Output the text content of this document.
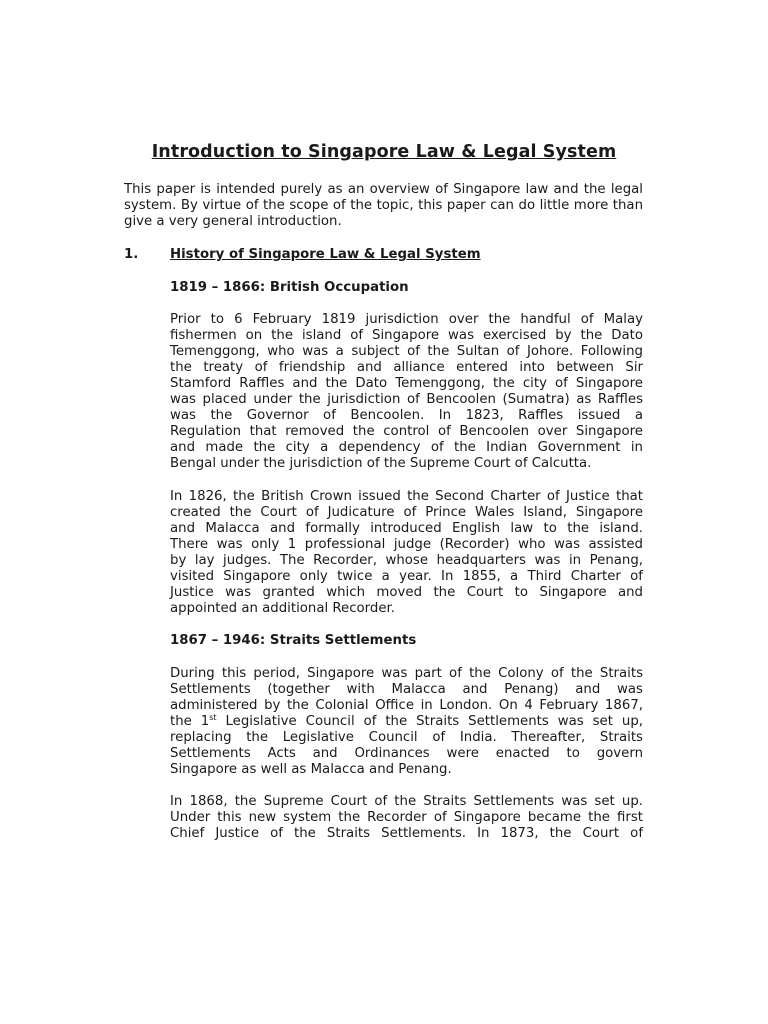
Introduction to Singapore Law & Legal System

This paper is intended purely as an overview of Singapore law and the legal system. By virtue of the scope of the topic, this paper can do little more than give a very general introduction.

1. History of Singapore Law & Legal System

1819 – 1866: British Occupation

Prior to 6 February 1819 jurisdiction over the handful of Malay
fishermen on the island of Singapore was exercised by the Dato
Temenggong, who was a subject of the Sultan of Johore. Following
the treaty of friendship and alliance entered into between Sir
Stamford Raffles and the Dato Temenggong, the city of Singapore
was placed under the jurisdiction of Bencoolen (Sumatra) as Raffles
was the Governor of Bencoolen. In 1823, Raffles issued a
Regulation that removed the control of Bencoolen over Singapore
and made the city a dependency of the Indian Government in
Bengal under the jurisdiction of the Supreme Court of Calcutta.
In 1826, the British Crown issued the Second Charter of Justice that
created the Court of Judicature of Prince Wales Island, Singapore
and Malacca and formally introduced English law to the island.
There was only 1 professional judge (Recorder) who was assisted
by lay judges. The Recorder, whose headquarters was in Penang,
visited Singapore only twice a year. In 1855, a Third Charter of
Justice was granted which moved the Court to Singapore and
appointed an additional Recorder.

1867 – 1946: Straits Settlements

During this period, Singapore was part of the Colony of the Straits
Settlements (together with Malacca and Penang) and was
administered by the Colonial Office in London. On 4 February 1867,
the 1st Legislative Council of the Straits Settlements was set up,
replacing the Legislative Council of India. Thereafter, Straits
Settlements Acts and Ordinances were enacted to govern
Singapore as well as Malacca and Penang.
In 1868, the Supreme Court of the Straits Settlements was set up.
Under this new system the Recorder of Singapore became the first
Chief Justice of the Straits Settlements. In 1873, the Court of
